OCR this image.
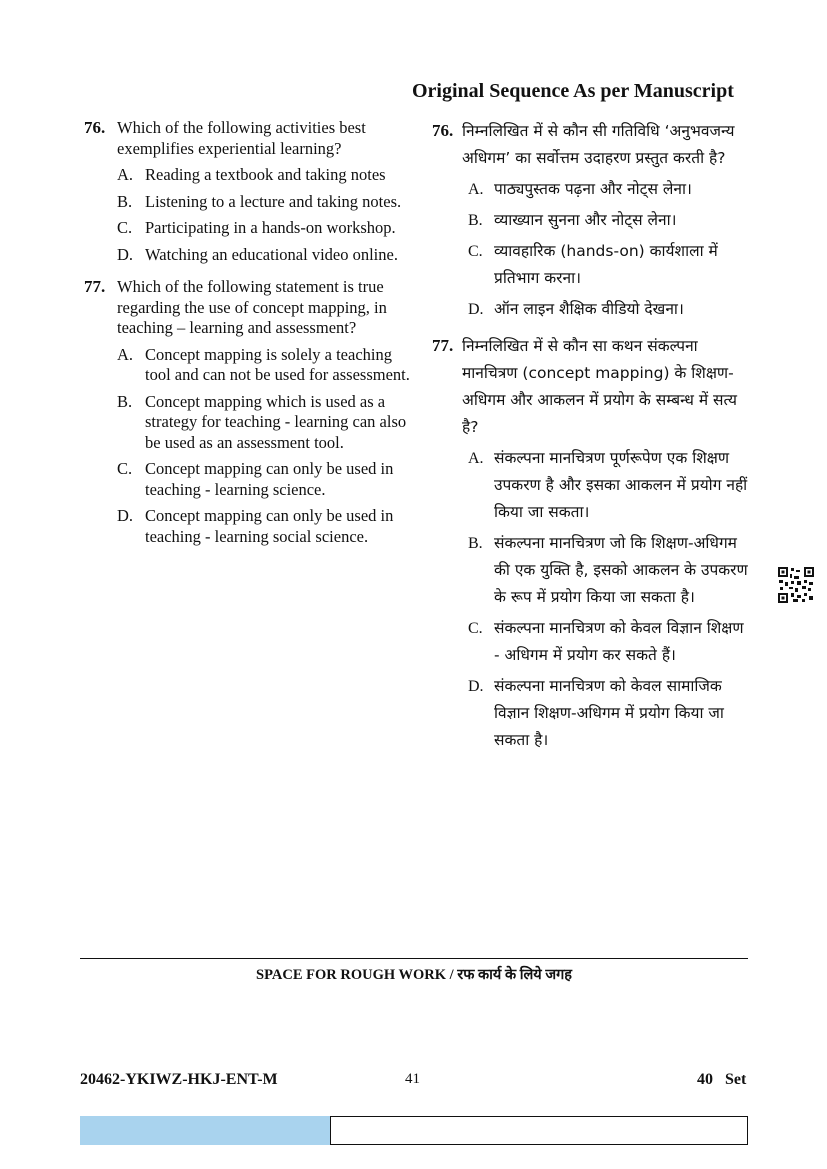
Original Sequence As per Manuscript
76. Which of the following activities best exemplifies experiential learning?
A. Reading a textbook and taking notes
B. Listening to a lecture and taking notes.
C. Participating in a hands-on workshop.
D. Watching an educational video online.
77. Which of the following statement is true regarding the use of concept mapping, in teaching – learning and assessment?
A. Concept mapping is solely a teaching tool and can not be used for assessment.
B. Concept mapping which is used as a strategy for teaching - learning can also be used as an assessment tool.
C. Concept mapping can only be used in teaching - learning science.
D. Concept mapping can only be used in teaching - learning social science.
76. निम्नलिखित में से कौन सी गतिविधि ‘अनुभवजन्य अधिगम’ का सर्वोत्तम उदाहरण प्रस्तुत करती है?
A. पाठ्यपुस्तक पढ़ना और नोट्स लेना।
B. व्याख्यान सुनना और नोट्स लेना।
C. व्यावहारिक (hands-on) कार्यशाला में प्रतिभाग करना।
D. ऑन लाइन शैक्षिक वीडियो देखना।
77. निम्नलिखित में से कौन सा कथन संकल्पना मानचित्रण (concept mapping) के शिक्षण-अधिगम और आकलन में प्रयोग के सम्बन्ध में सत्य है?
A. संकल्पना मानचित्रण पूर्णरूपेण एक शिक्षण उपकरण है और इसका आकलन में प्रयोग नहीं किया जा सकता।
B. संकल्पना मानचित्रण जो कि शिक्षण-अधिगम की एक युक्ति है, इसको आकलन के उपकरण के रूप में प्रयोग किया जा सकता है।
C. संकल्पना मानचित्रण को केवल विज्ञान शिक्षण - अधिगम में प्रयोग कर सकते हैं।
D. संकल्पना मानचित्रण को केवल सामाजिक विज्ञान शिक्षण-अधिगम में प्रयोग किया जा सकता है।
SPACE FOR ROUGH WORK / रफ कार्य के लिये जगह
20462-YKIWZ-HKJ-ENT-M	41	40   Set
